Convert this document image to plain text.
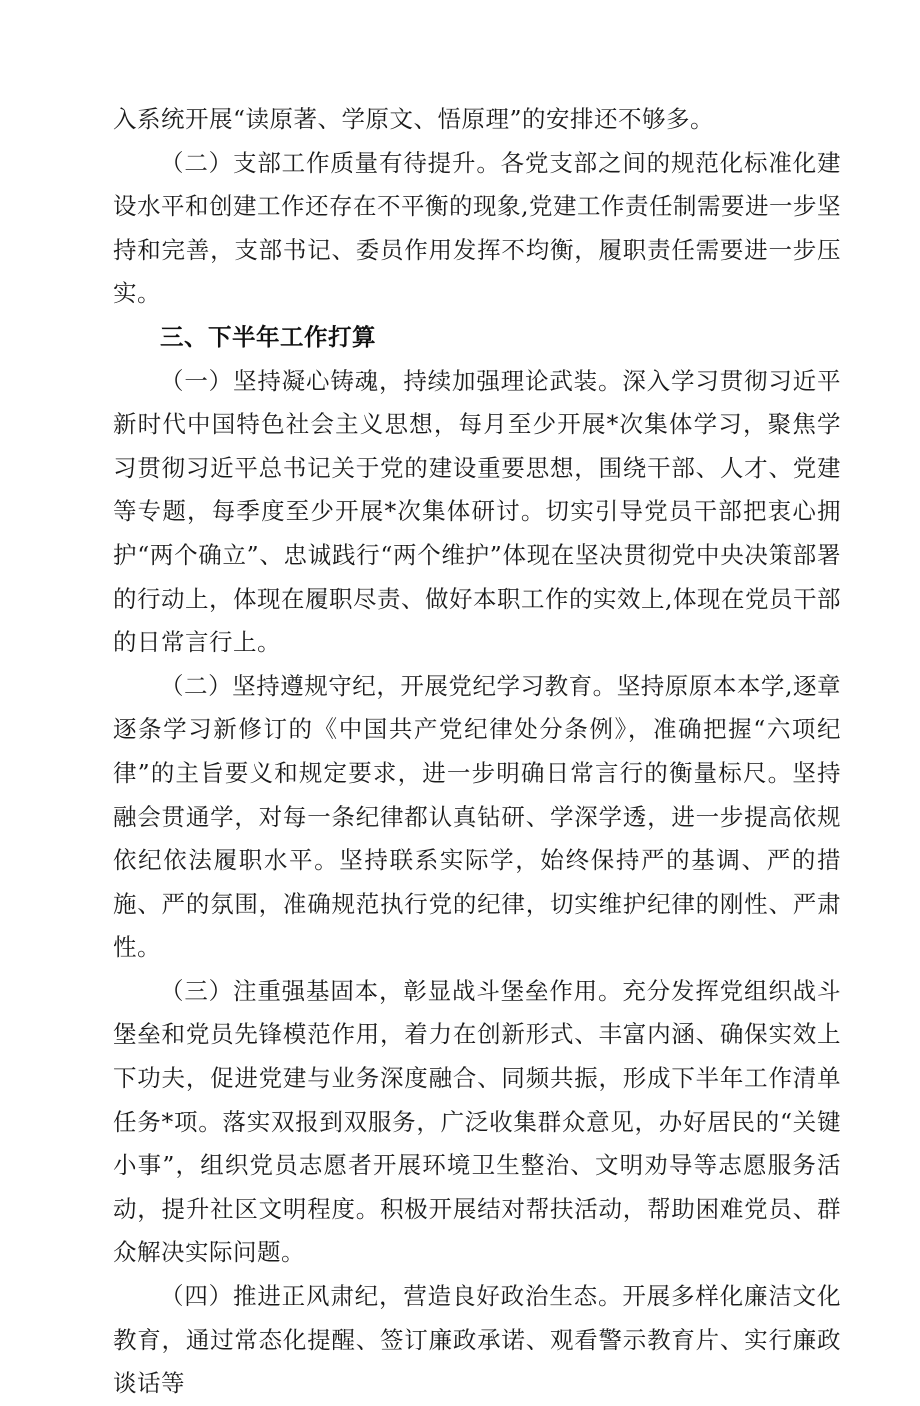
入系统开展“读原著、学原文、悟原理”的安排还不够多。

（二）支部工作质量有待提升。各党支部之间的规范化标准化建设水平和创建工作还存在不平衡的现象,党建工作责任制需要进一步坚持和完善，支部书记、委员作用发挥不均衡，履职责任需要进一步压实。

三、下半年工作打算

（一）坚持凝心铸魂，持续加强理论武装。深入学习贯彻习近平新时代中国特色社会主义思想，每月至少开展*次集体学习，聚焦学习贯彻习近平总书记关于党的建设重要思想，围绕干部、人才、党建等专题，每季度至少开展*次集体研讨。切实引导党员干部把衷心拥护“两个确立”、忠诚践行“两个维护”体现在坚决贯彻党中央决策部署的行动上，体现在履职尽责、做好本职工作的实效上,体现在党员干部的日常言行上。

（二）坚持遵规守纪，开展党纪学习教育。坚持原原本本学,逐章逐条学习新修订的《中国共产党纪律处分条例》，准确把握“六项纪律”的主旨要义和规定要求，进一步明确日常言行的衡量标尺。坚持融会贯通学，对每一条纪律都认真钻研、学深学透，进一步提高依规依纪依法履职水平。坚持联系实际学，始终保持严的基调、严的措施、严的氛围，准确规范执行党的纪律，切实维护纪律的刚性、严肃性。

（三）注重强基固本，彰显战斗堡垒作用。充分发挥党组织战斗堡垒和党员先锋模范作用，着力在创新形式、丰富内涵、确保实效上下功夫，促进党建与业务深度融合、同频共振，形成下半年工作清单任务*项。落实双报到双服务，广泛收集群众意见，办好居民的“关键小事”，组织党员志愿者开展环境卫生整治、文明劝导等志愿服务活动，提升社区文明程度。积极开展结对帮扶活动，帮助困难党员、群众解决实际问题。

（四）推进正风肃纪，营造良好政治生态。开展多样化廉洁文化教育，通过常态化提醒、签订廉政承诺、观看警示教育片、实行廉政谈话等
